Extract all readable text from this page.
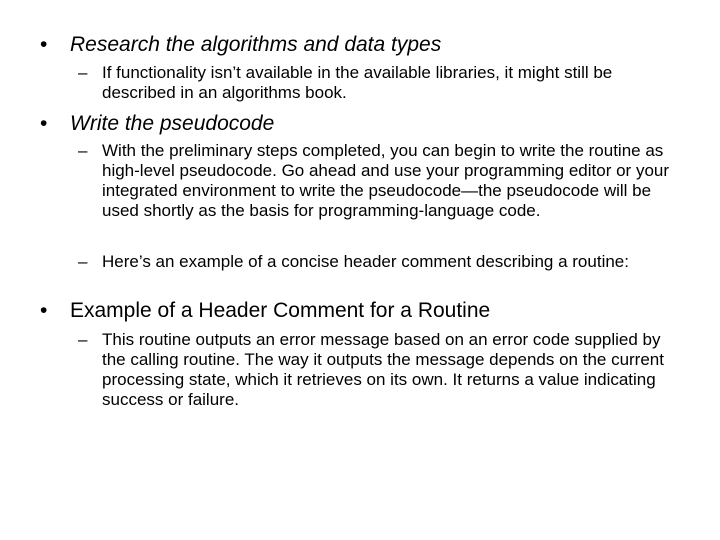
•	Research the algorithms and data types
– If functionality isn’t available in the available libraries, it might still be described in an algorithms book.
•	Write the pseudocode
– With the preliminary steps completed, you can begin to write the routine as high-level pseudocode. Go ahead and use your programming editor or your integrated environment to write the pseudocode—the pseudocode will be used shortly as the basis for programming-language code.
– Here’s an example of a concise header comment describing a routine:
•	Example of a Header Comment for a Routine
– This routine outputs an error message based on an error code supplied by the calling routine. The way it outputs the message depends on the current processing state, which it retrieves on its own. It returns a value indicating success or failure.
